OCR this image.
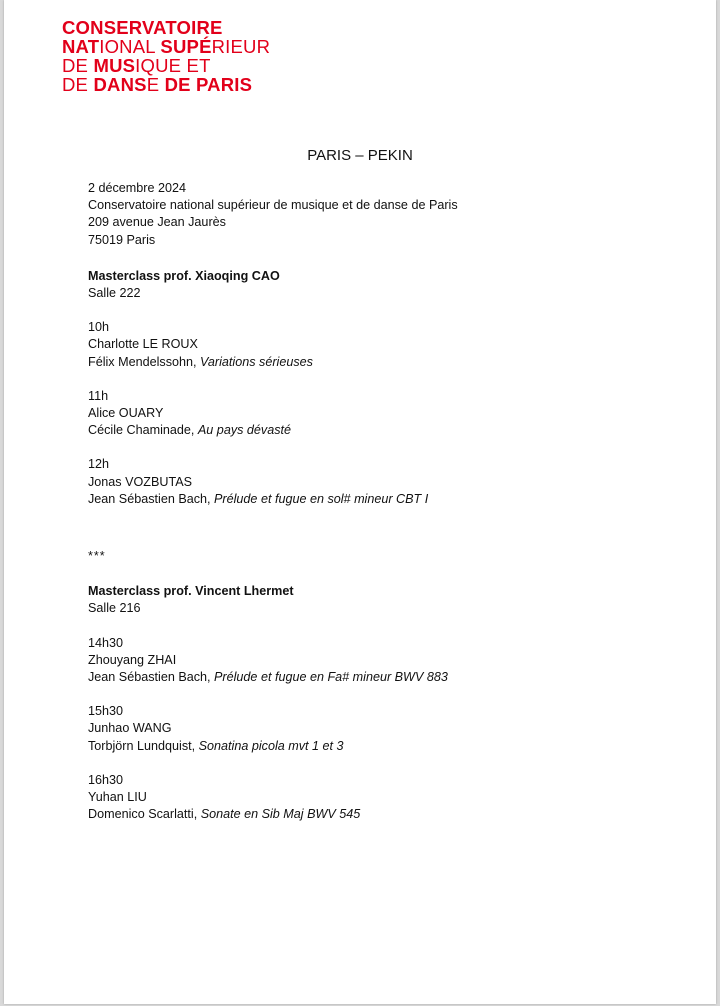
CONSERVATOIRE
NATIONAL SUPÉRIEUR
DE MUSIQUE ET
DE DANSE DE PARIS
PARIS – PEKIN
2 décembre 2024
Conservatoire national supérieur de musique et de danse de Paris
209 avenue Jean Jaurès
75019 Paris
Masterclass prof. Xiaoqing CAO
Salle 222
10h
Charlotte LE ROUX
Félix Mendelssohn, Variations sérieuses
11h
Alice OUARY
Cécile Chaminade, Au pays dévasté
12h
Jonas VOZBUTAS
Jean Sébastien Bach, Prélude et fugue en sol# mineur CBT I
***
Masterclass prof. Vincent Lhermet
Salle 216
14h30
Zhouyang ZHAI
Jean Sébastien Bach, Prélude et fugue en Fa# mineur BWV 883
15h30
Junhao WANG
Torbjörn Lundquist, Sonatina picola mvt 1 et 3
16h30
Yuhan LIU
Domenico Scarlatti, Sonate en Sib Maj BWV 545
